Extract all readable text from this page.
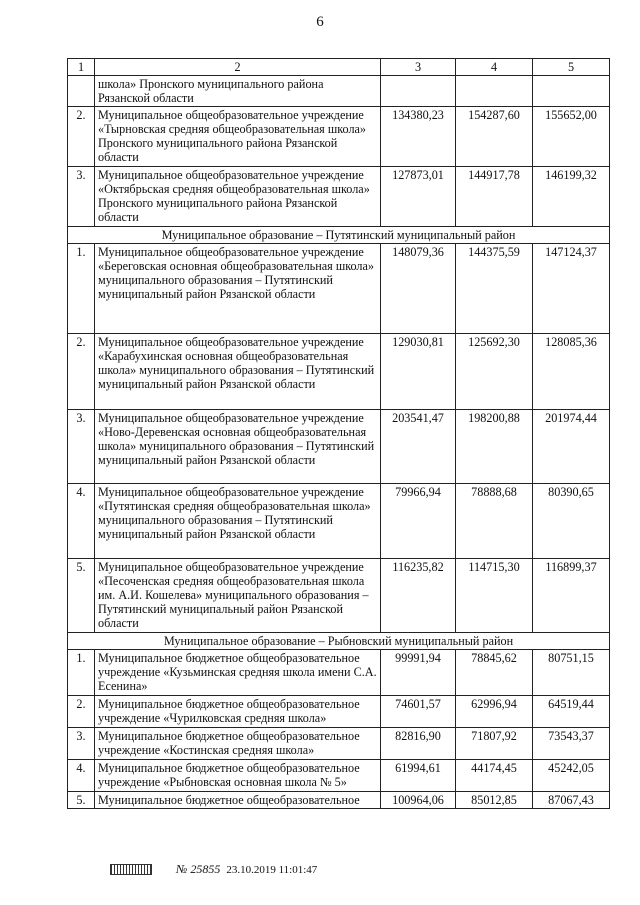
6
1	2	3	4	5
	школа» Пронского муниципального района Рязанской области			
2.	Муниципальное общеобразовательное учреждение «Тырновская средняя общеобразовательная школа» Пронского муниципального района Рязанской области	134380,23	154287,60	155652,00
3.	Муниципальное общеобразовательное учреждение «Октябрьская средняя общеобразовательная школа» Пронского муниципального района Рязанской области	127873,01	144917,78	146199,32
Муниципальное образование – Путятинский муниципальный район				
1.	Муниципальное общеобразовательное учреждение «Береговская основная общеобразовательная школа» муниципального образования – Путятинский муниципальный район Рязанской области	148079,36	144375,59	147124,37
2.	Муниципальное общеобразовательное учреждение «Карабухинская основная общеобразовательная школа» муниципального образования – Путятинский муниципальный район Рязанской области	129030,81	125692,30	128085,36
3.	Муниципальное общеобразовательное учреждение «Ново-Деревенская основная общеобразовательная школа» муниципального образования – Путятинский муниципальный район Рязанской области	203541,47	198200,88	201974,44
4.	Муниципальное общеобразовательное учреждение «Путятинская средняя общеобразовательная школа» муниципального образования – Путятинский муниципальный район Рязанской области	79966,94	78888,68	80390,65
5.	Муниципальное общеобразовательное учреждение «Песоченская средняя общеобразовательная школа им. А.И. Кошелева» муниципального образования – Путятинский муниципальный район Рязанской области	116235,82	114715,30	116899,37
Муниципальное образование – Рыбновский муниципальный район				
1.	Муниципальное бюджетное общеобразовательное учреждение «Кузьминская средняя школа имени С.А. Есенина»	99991,94	78845,62	80751,15
2.	Муниципальное бюджетное общеобразовательное учреждение «Чурилковская средняя школа»	74601,57	62996,94	64519,44
3.	Муниципальное бюджетное общеобразовательное учреждение «Костинская средняя школа»	82816,90	71807,92	73543,37
4.	Муниципальное бюджетное общеобразовательное учреждение «Рыбновская основная школа № 5»	61994,61	44174,45	45242,05
5.	Муниципальное бюджетное общеобразовательное	100964,06	85012,85	87067,43
№ 25855 23.10.2019 11:01:47
